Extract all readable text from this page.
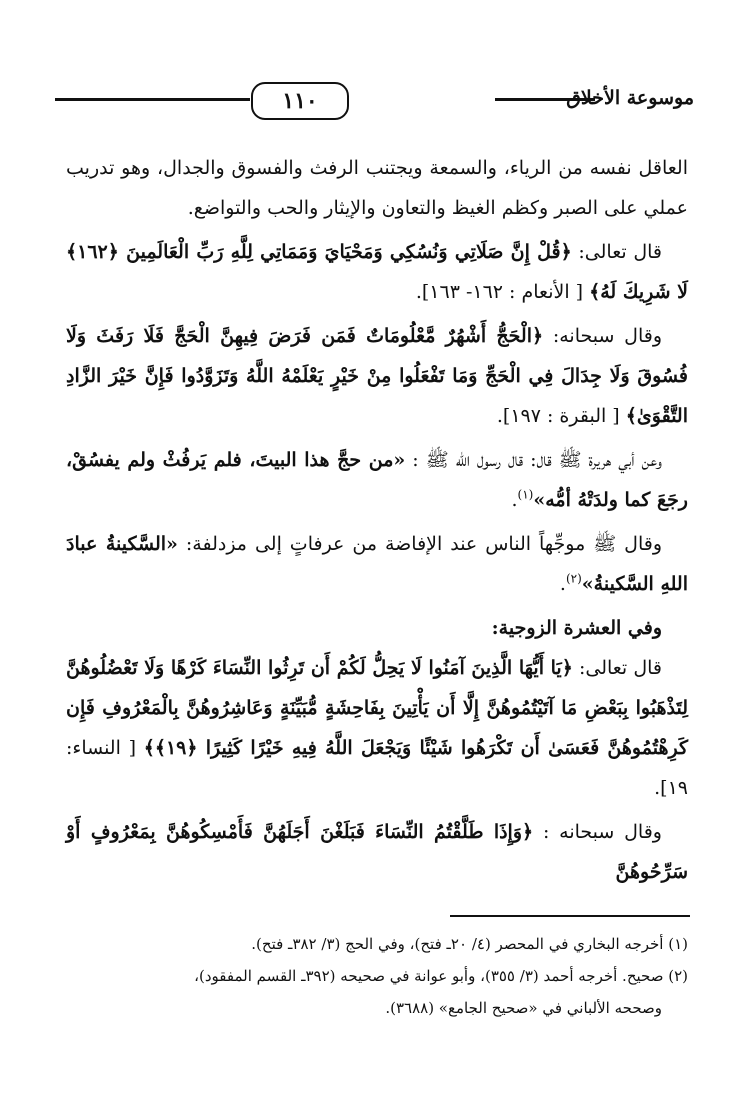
١١٠	موسوعة الأخلاق

العاقل نفسه من الرياء، والسمعة ويجتنب الرفث والفسوق والجدال، وهو تدريب عملي على الصبر وكظم الغيظ والتعاون والإيثار والحب والتواضع.

قال تعالى: ﴿قُلْ إِنَّ صَلَاتِي وَنُسُكِي وَمَحْيَايَ وَمَمَاتِي لِلَّهِ رَبِّ الْعَالَمِينَ ﴿١٦٢﴾ لَا شَرِيكَ لَهُ﴾ [ الأنعام : ١٦٢- ١٦٣].

وقال سبحانه: ﴿الْحَجُّ أَشْهُرٌ مَّعْلُومَاتٌ فَمَن فَرَضَ فِيهِنَّ الْحَجَّ فَلَا رَفَثَ وَلَا فُسُوقَ وَلَا جِدَالَ فِي الْحَجِّ وَمَا تَفْعَلُوا مِنْ خَيْرٍ يَعْلَمْهُ اللَّهُ وَتَزَوَّدُوا فَإِنَّ خَيْرَ الزَّادِ التَّقْوَىٰ﴾ [ البقرة : ١٩٧].

وعن أبي هريرة ﷺ قال: قال رسول الله ﷺ : «من حجَّ هذا البيتَ، فلم يَرفُثْ ولم يفسُقْ، رجَعَ كما ولدَتْهُ أمُّه»$^{(١)}$.

وقال ﷺ موجِّهاً الناس عند الإفاضة من عرفاتٍ إلى مزدلفة: «السَّكينةُ عبادَ اللهِ السَّكينةُ»$^{(٢)}$.

وفي العشرة الزوجية:

قال تعالى: ﴿يَا أَيُّهَا الَّذِينَ آمَنُوا لَا يَحِلُّ لَكُمْ أَن تَرِثُوا النِّسَاءَ كَرْهًا وَلَا تَعْضُلُوهُنَّ لِتَذْهَبُوا بِبَعْضِ مَا آتَيْتُمُوهُنَّ إِلَّا أَن يَأْتِينَ بِفَاحِشَةٍ مُّبَيِّنَةٍ وَعَاشِرُوهُنَّ بِالْمَعْرُوفِ فَإِن كَرِهْتُمُوهُنَّ فَعَسَىٰ أَن تَكْرَهُوا شَيْئًا وَيَجْعَلَ اللَّهُ فِيهِ خَيْرًا كَثِيرًا ﴿١٩﴾﴾ [ النساء: ١٩].

وقال سبحانه : ﴿وَإِذَا طَلَّقْتُمُ النِّسَاءَ فَبَلَغْنَ أَجَلَهُنَّ فَأَمْسِكُوهُنَّ بِمَعْرُوفٍ أَوْ سَرِّحُوهُنَّ

(١) أخرجه البخاري في المحصر (٤/ ٢٠ـ فتح)، وفي الحج (٣/ ٣٨٢ـ فتح).

(٢) صحيح. أخرجه أحمد (٣/ ٣٥٥)، وأبو عوانة في صحيحه (٣٩٢ـ القسم المفقود)،

وصححه الألباني في «صحيح الجامع» (٣٦٨٨).
